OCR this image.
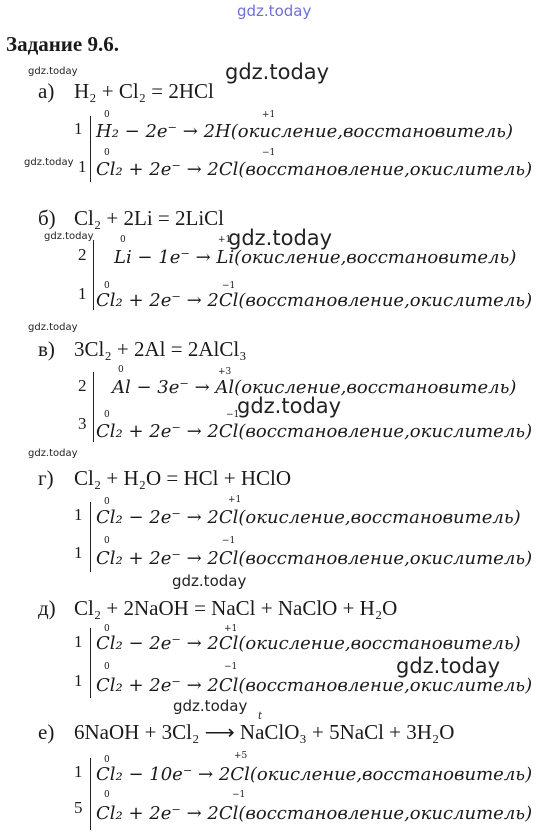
gdz.today
gdz.today	gdz.today
gdz.today
gdz.today	gdz.today
gdz.today
gdz.today
gdz.today
gdz.today
gdz.today
gdz.today
Задание 9.6.
а) H₂ + Cl₂ = 2HCl
0	+1
1 H₂ − 2e⁻ → 2H(окисление,восстановитель)
0	−1
1 Cl₂ + 2e⁻ → 2Cl(восстановление,окислитель)
б) Cl₂ + 2Li = 2LiCl
0	+1
2 Li − 1e⁻ → Li(окисление,восстановитель)
0	−1
1 Cl₂ + 2e⁻ → 2Cl(восстановление,окислитель)
в) 3Cl₂ + 2Al = 2AlCl₃
0	+3
2 Al − 3e⁻ → Al(окисление,восстановитель)
0	−1
3 Cl₂ + 2e⁻ → 2Cl(восстановление,окислитель)
г) Cl₂ + H₂O = HCl + HClO
0	+1
1 Cl₂ − 2e⁻ → 2Cl(окисление,восстановитель)
0	−1
1 Cl₂ + 2e⁻ → 2Cl(восстановление,окислитель)
д) Cl₂ + 2NaOH = NaCl + NaClO + H₂O
0	+1
1 Cl₂ − 2e⁻ → 2Cl(окисление,восстановитель)
0	−1
1 Cl₂ + 2e⁻ → 2Cl(восстановление,окислитель)
t
е) 6NaOH + 3Cl₂ ⟶ NaClO₃ + 5NaCl + 3H₂O
0	+5
1 Cl₂ − 10e⁻ → 2Cl(окисление,восстановитель)
0	−1
5 Cl₂ + 2e⁻ → 2Cl(восстановление,окислитель)
